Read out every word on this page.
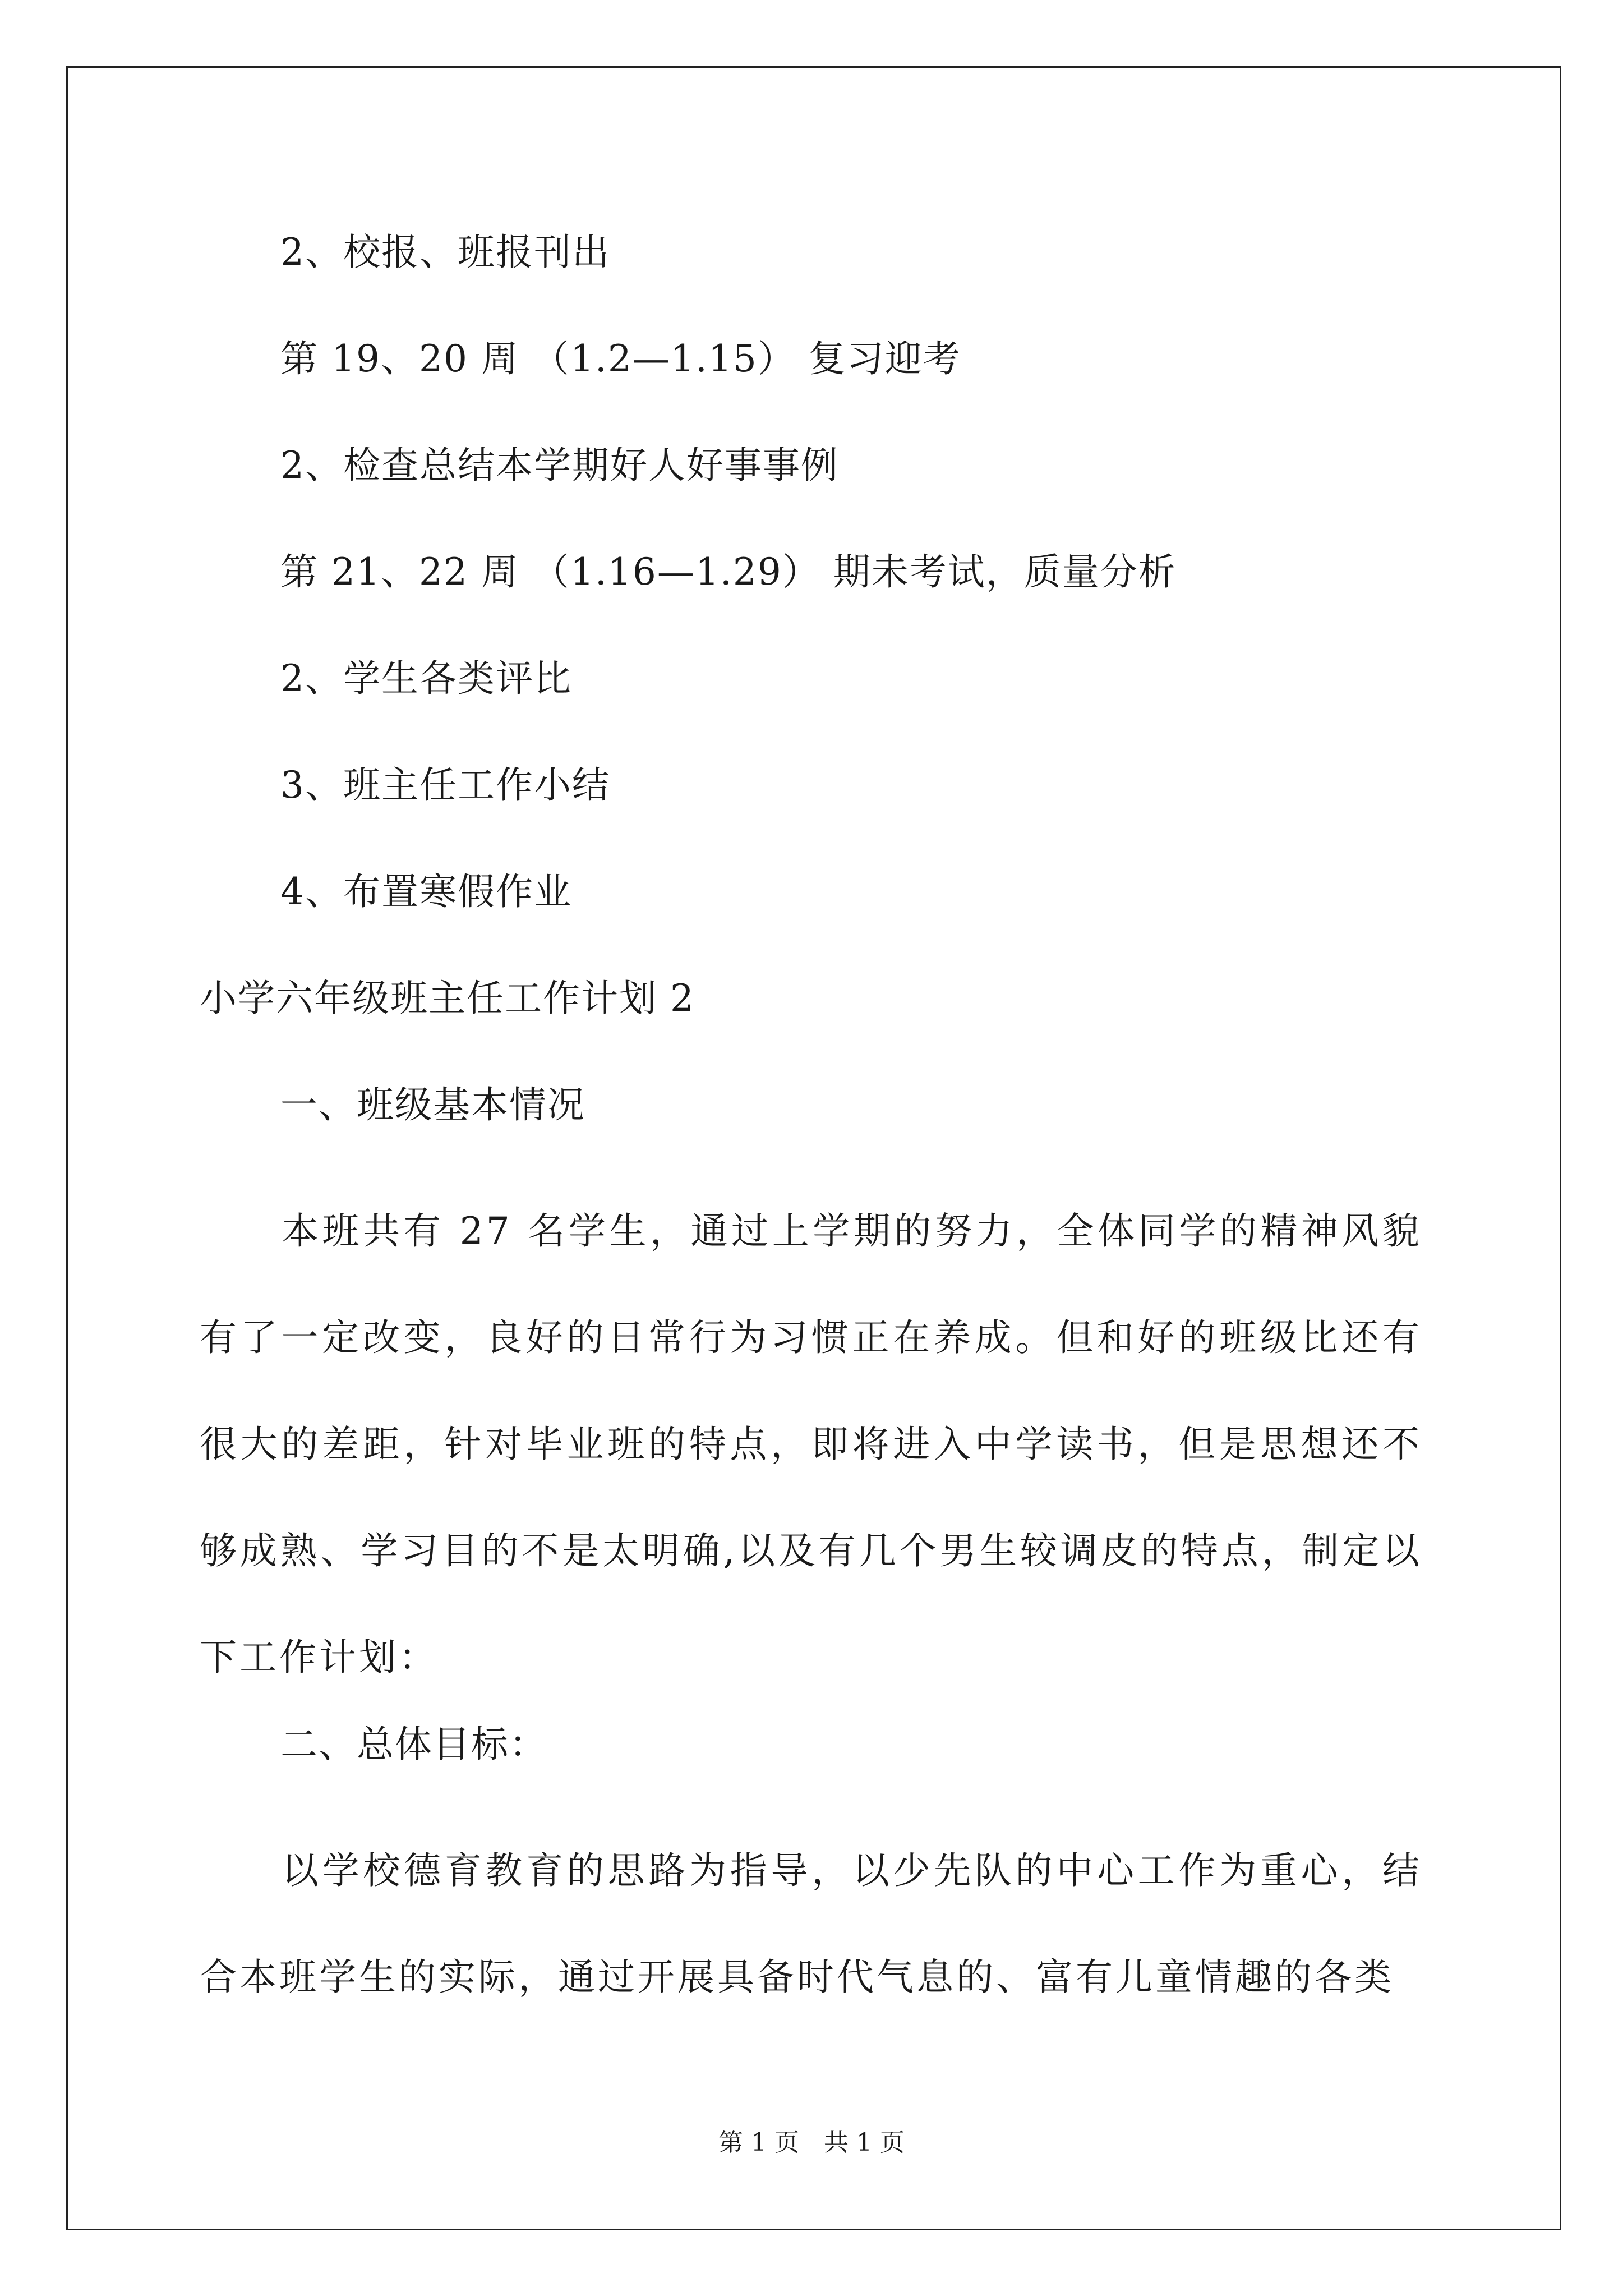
2、校报、班报刊出
第 19、20 周 （1.2—1.15） 复习迎考
2、检查总结本学期好人好事事例
第 21、22 周 （1.16—1.29） 期未考试，质量分析
2、学生各类评比
3、班主任工作小结
4、布置寒假作业
小学六年级班主任工作计划 2
一、班级基本情况

本班共有 27 名学生，通过上学期的努力，全体同学的精神风貌有了一定改变，良好的日常行为习惯正在养成。但和好的班级比还有很大的差距，针对毕业班的特点，即将进入中学读书，但是思想还不够成熟、学习目的不是太明确,以及有几个男生较调皮的特点，制定以下工作计划：

二、总体目标：

以学校德育教育的思路为指导，以少先队的中心工作为重心，结合本班学生的实际，通过开展具备时代气息的、富有儿童情趣的各类

第 1 页　共 1 页
